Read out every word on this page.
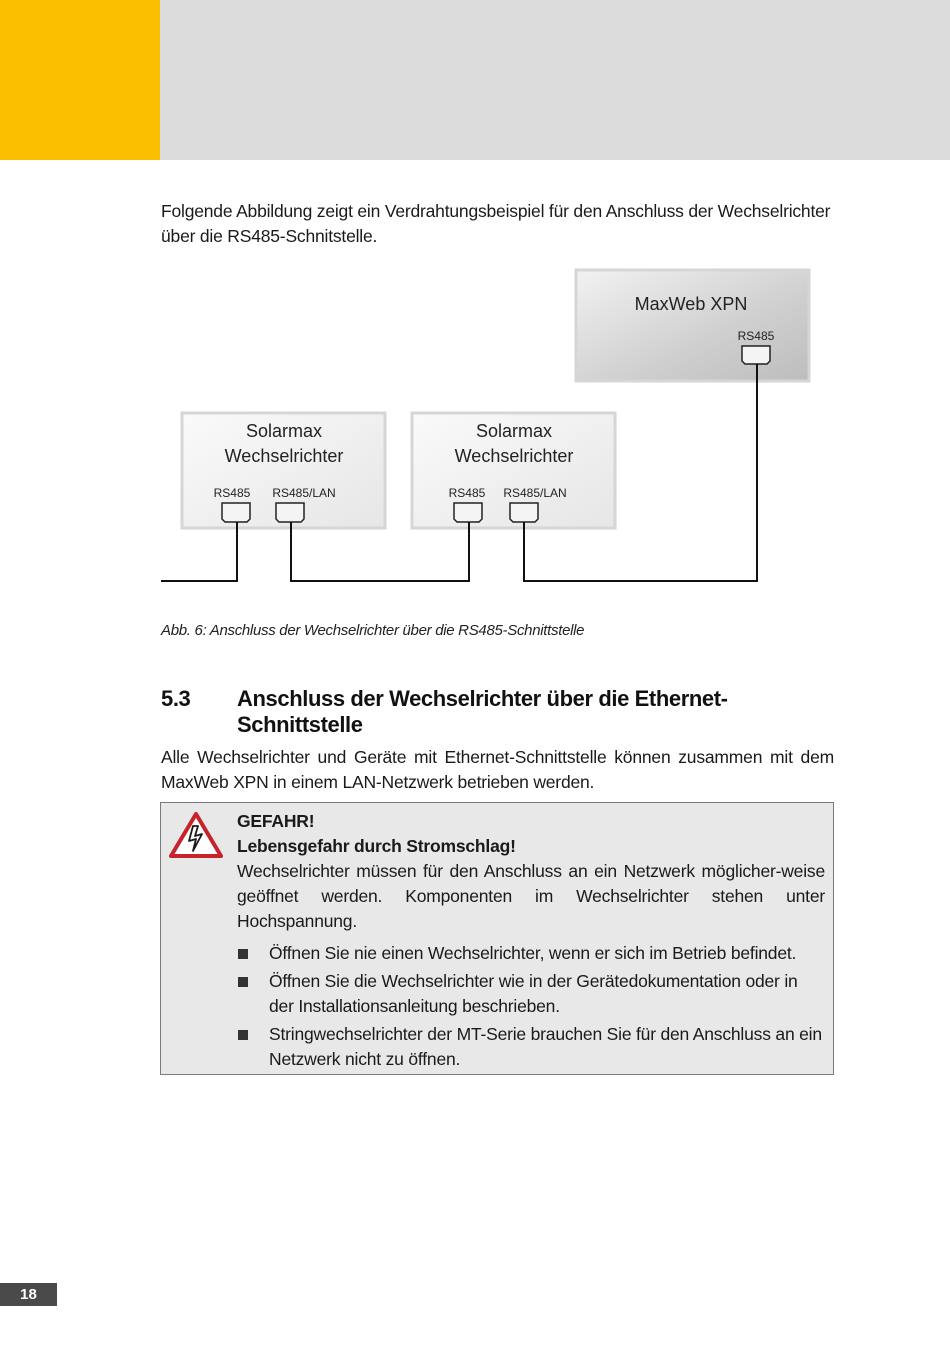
Folgende Abbildung zeigt ein Verdrahtungsbeispiel für den Anschluss der Wechselrichter über die RS485-Schnitstelle.

MaxWeb XPN
RS485
Solarmax
Wechselrichter
RS485 RS485/LAN
Solarmax
Wechselrichter
RS485 RS485/LAN

Abb. 6: Anschluss der Wechselrichter über die RS485-Schnittstelle

5.3 Anschluss der Wechselrichter über die Ethernet-Schnittstelle

Alle Wechselrichter und Geräte mit Ethernet-Schnittstelle können zusammen mit dem MaxWeb XPN in einem LAN-Netzwerk betrieben werden.

GEFAHR!
Lebensgefahr durch Stromschlag!
Wechselrichter müssen für den Anschluss an ein Netzwerk möglicher-weise geöffnet werden. Komponenten im Wechselrichter stehen unter Hochspannung.
Öffnen Sie nie einen Wechselrichter, wenn er sich im Betrieb befindet.
Öffnen Sie die Wechselrichter wie in der Gerätedokumentation oder in der Installationsanleitung beschrieben.
Stringwechselrichter der MT-Serie brauchen Sie für den Anschluss an ein Netzwerk nicht zu öffnen.
18
